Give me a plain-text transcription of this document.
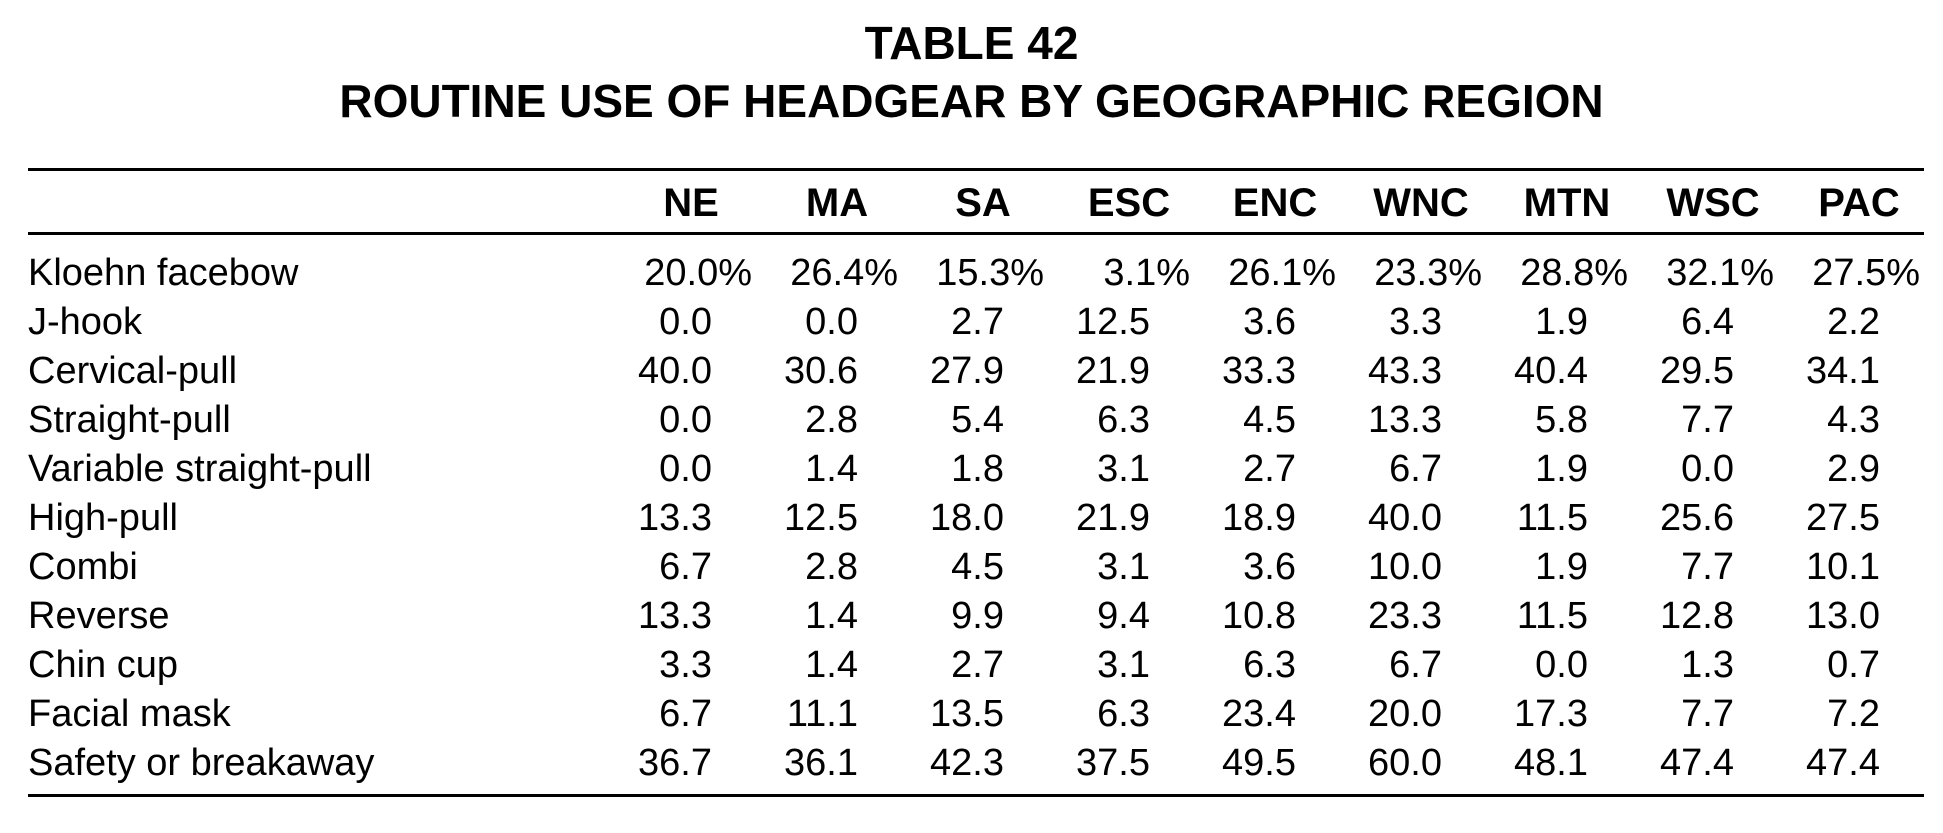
TABLE 42
ROUTINE USE OF HEADGEAR BY GEOGRAPHIC REGION
	NE	MA	SA	ESC	ENC	WNC	MTN	WSC	PAC
Kloehn facebow	20.0%	26.4%	15.3%	3.1%	26.1%	23.3%	28.8%	32.1%	27.5%
J-hook	0.0	0.0	2.7	12.5	3.6	3.3	1.9	6.4	2.2
Cervical-pull	40.0	30.6	27.9	21.9	33.3	43.3	40.4	29.5	34.1
Straight-pull	0.0	2.8	5.4	6.3	4.5	13.3	5.8	7.7	4.3
Variable straight-pull	0.0	1.4	1.8	3.1	2.7	6.7	1.9	0.0	2.9
High-pull	13.3	12.5	18.0	21.9	18.9	40.0	11.5	25.6	27.5
Combi	6.7	2.8	4.5	3.1	3.6	10.0	1.9	7.7	10.1
Reverse	13.3	1.4	9.9	9.4	10.8	23.3	11.5	12.8	13.0
Chin cup	3.3	1.4	2.7	3.1	6.3	6.7	0.0	1.3	0.7
Facial mask	6.7	11.1	13.5	6.3	23.4	20.0	17.3	7.7	7.2
Safety or breakaway	36.7	36.1	42.3	37.5	49.5	60.0	48.1	47.4	47.4
